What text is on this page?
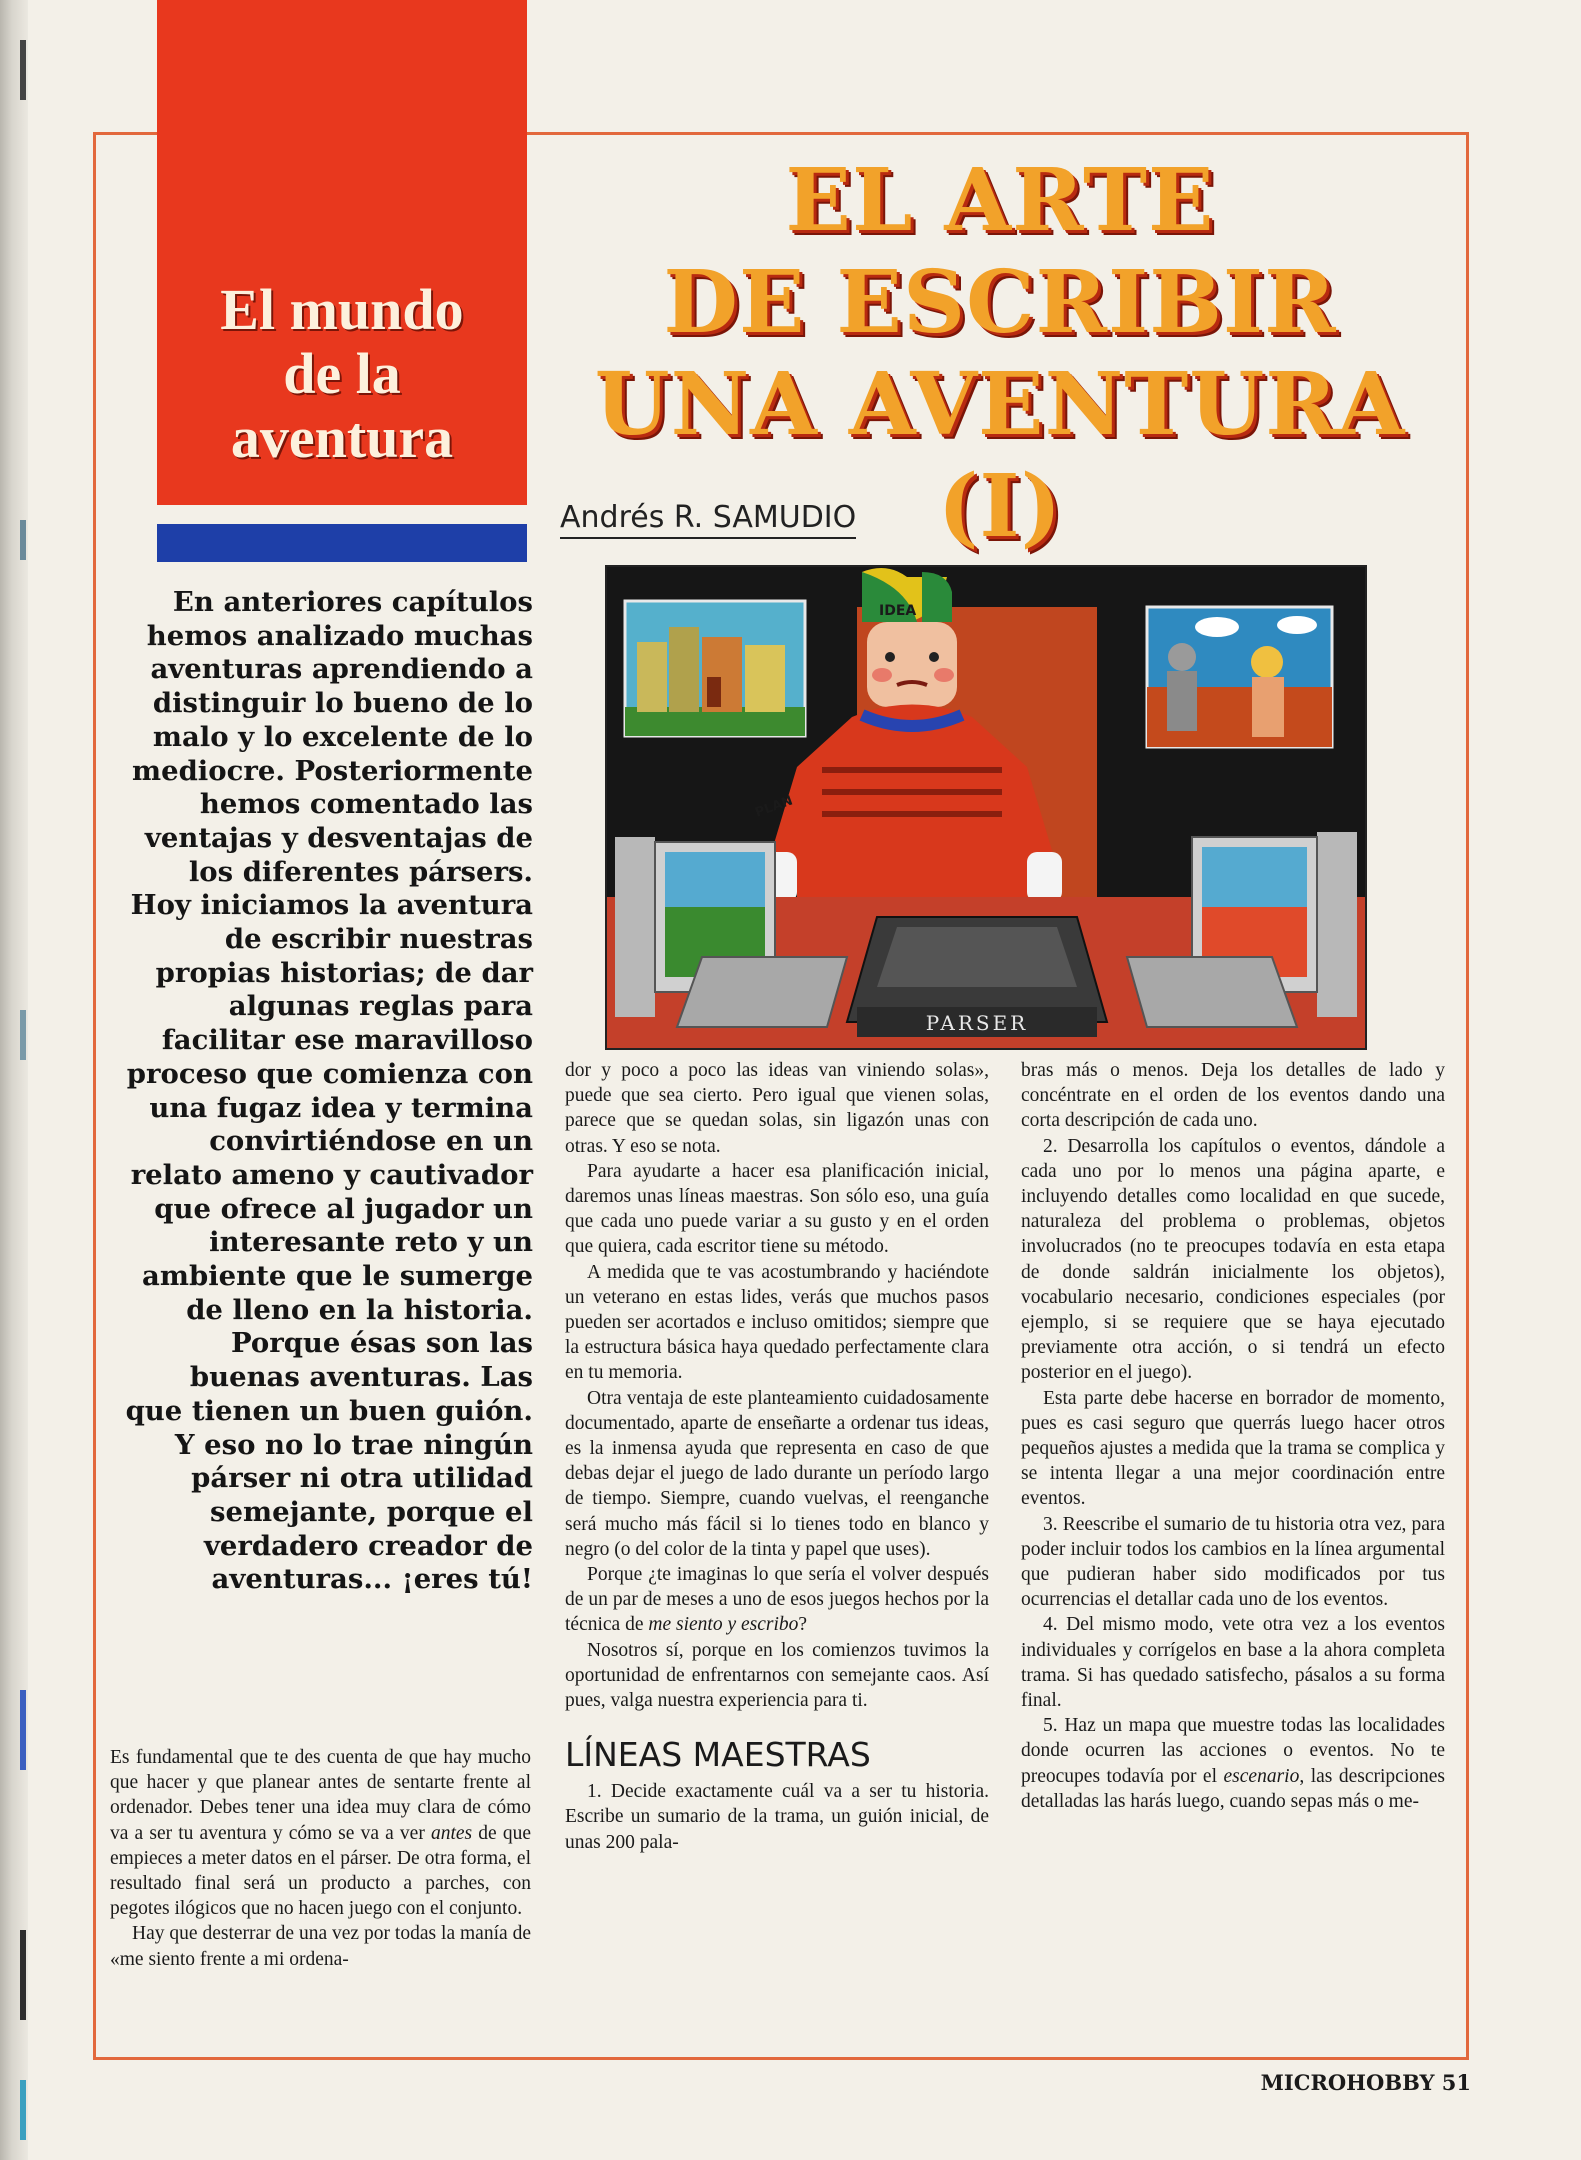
El mundo
de la
aventura
EL ARTE
DE ESCRIBIR
UNA AVENTURA (I)
Andrés R. SAMUDIO
IDEA
PLAN
PARSER
En anteriores capítulos hemos analizado muchas aventuras aprendiendo a distinguir lo bueno de lo malo y lo excelente de lo mediocre. Posteriormente hemos comentado las ventajas y desventajas de los diferentes pársers. Hoy iniciamos la aventura de escribir nuestras propias historias; de dar algunas reglas para facilitar ese maravilloso proceso que comienza con una fugaz idea y termina convirtiéndose en un relato ameno y cautivador que ofrece al jugador un interesante reto y un ambiente que le sumerge de lleno en la historia. Porque ésas son las buenas aventuras. Las que tienen un buen guión. Y eso no lo trae ningún párser ni otra utilidad semejante, porque el verdadero creador de aventuras... ¡eres tú!

Es fundamental que te des cuenta de que hay mucho que hacer y que planear antes de sentarte frente al ordenador. Debes tener una idea muy clara de cómo va a ser tu aventura y cómo se va a ver antes de que empieces a meter datos en el párser. De otra forma, el resultado final será un producto a parches, con pegotes ilógicos que no hacen juego con el conjunto.

Hay que desterrar de una vez por todas la manía de «me siento frente a mi ordena-

dor y poco a poco las ideas van viniendo solas», puede que sea cierto. Pero igual que vienen solas, parece que se quedan solas, sin ligazón unas con otras. Y eso se nota.

Para ayudarte a hacer esa planificación inicial, daremos unas líneas maestras. Son sólo eso, una guía que cada uno puede variar a su gusto y en el orden que quiera, cada escritor tiene su método.

A medida que te vas acostumbrando y haciéndote un veterano en estas lides, verás que muchos pasos pueden ser acortados e incluso omitidos; siempre que la estructura básica haya quedado perfectamente clara en tu memoria.

Otra ventaja de este planteamiento cuidadosamente documentado, aparte de enseñarte a ordenar tus ideas, es la inmensa ayuda que representa en caso de que debas dejar el juego de lado durante un período largo de tiempo. Siempre, cuando vuelvas, el reenganche será mucho más fácil si lo tienes todo en blanco y negro (o del color de la tinta y papel que uses).

Porque ¿te imaginas lo que sería el volver después de un par de meses a uno de esos juegos hechos por la técnica de me siento y escribo?

Nosotros sí, porque en los comienzos tuvimos la oportunidad de enfrentarnos con semejante caos. Así pues, valga nuestra experiencia para ti.

LÍNEAS MAESTRAS

1. Decide exactamente cuál va a ser tu historia. Escribe un sumario de la trama, un guión inicial, de unas 200 pala-

bras más o menos. Deja los detalles de lado y concéntrate en el orden de los eventos dando una corta descripción de cada uno.

2. Desarrolla los capítulos o eventos, dándole a cada uno por lo menos una página aparte, e incluyendo detalles como localidad en que sucede, naturaleza del problema o problemas, objetos involucrados (no te preocupes todavía en esta etapa de donde saldrán inicialmente los objetos), vocabulario necesario, condiciones especiales (por ejemplo, si se requiere que se haya ejecutado previamente otra acción, o si tendrá un efecto posterior en el juego).

Esta parte debe hacerse en borrador de momento, pues es casi seguro que querrás luego hacer otros pequeños ajustes a medida que la trama se complica y se intenta llegar a una mejor coordinación entre eventos.

3. Reescribe el sumario de tu historia otra vez, para poder incluir todos los cambios en la línea argumental que pudieran haber sido modificados por tus ocurrencias el detallar cada uno de los eventos.

4. Del mismo modo, vete otra vez a los eventos individuales y corrígelos en base a la ahora completa trama. Si has quedado satisfecho, pásalos a su forma final.

5. Haz un mapa que muestre todas las localidades donde ocurren las acciones o eventos. No te preocupes todavía por el escenario, las descripciones detalladas las harás luego, cuando sepas más o me-

MICROHOBBY 51
